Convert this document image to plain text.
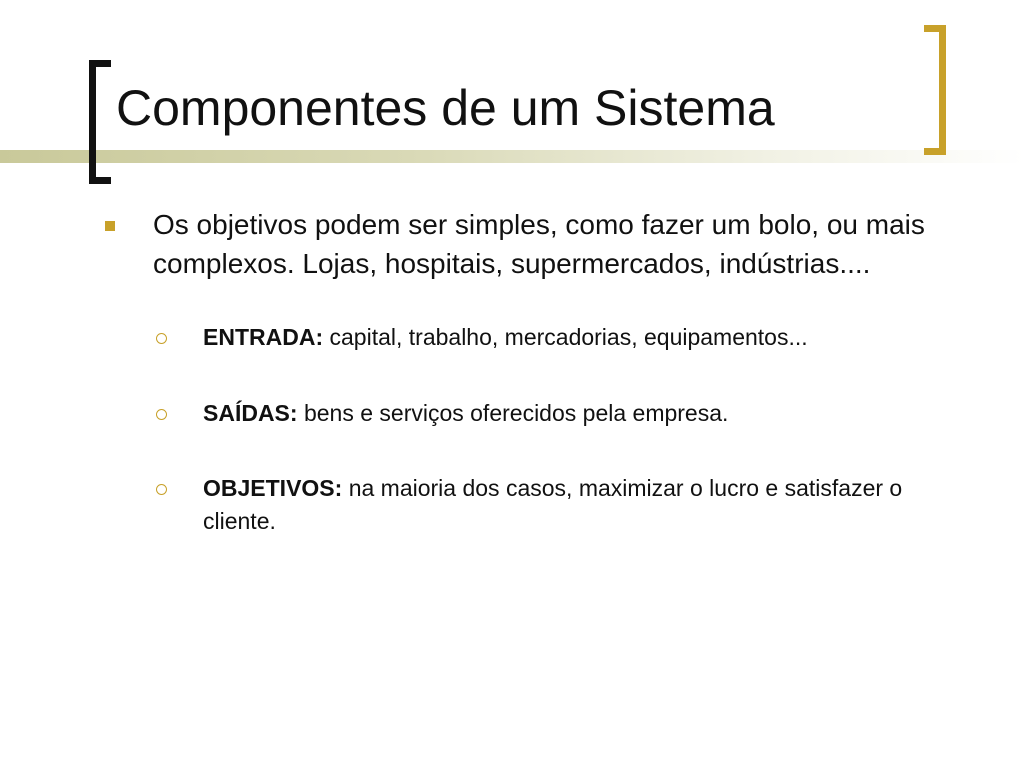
Componentes de um Sistema
Os objetivos podem ser simples, como fazer um bolo, ou mais complexos. Lojas, hospitais, supermercados, indústrias....
ENTRADA: capital, trabalho, mercadorias, equipamentos...
SAÍDAS: bens e serviços oferecidos pela empresa.
OBJETIVOS: na maioria dos casos, maximizar o lucro e satisfazer o cliente.
